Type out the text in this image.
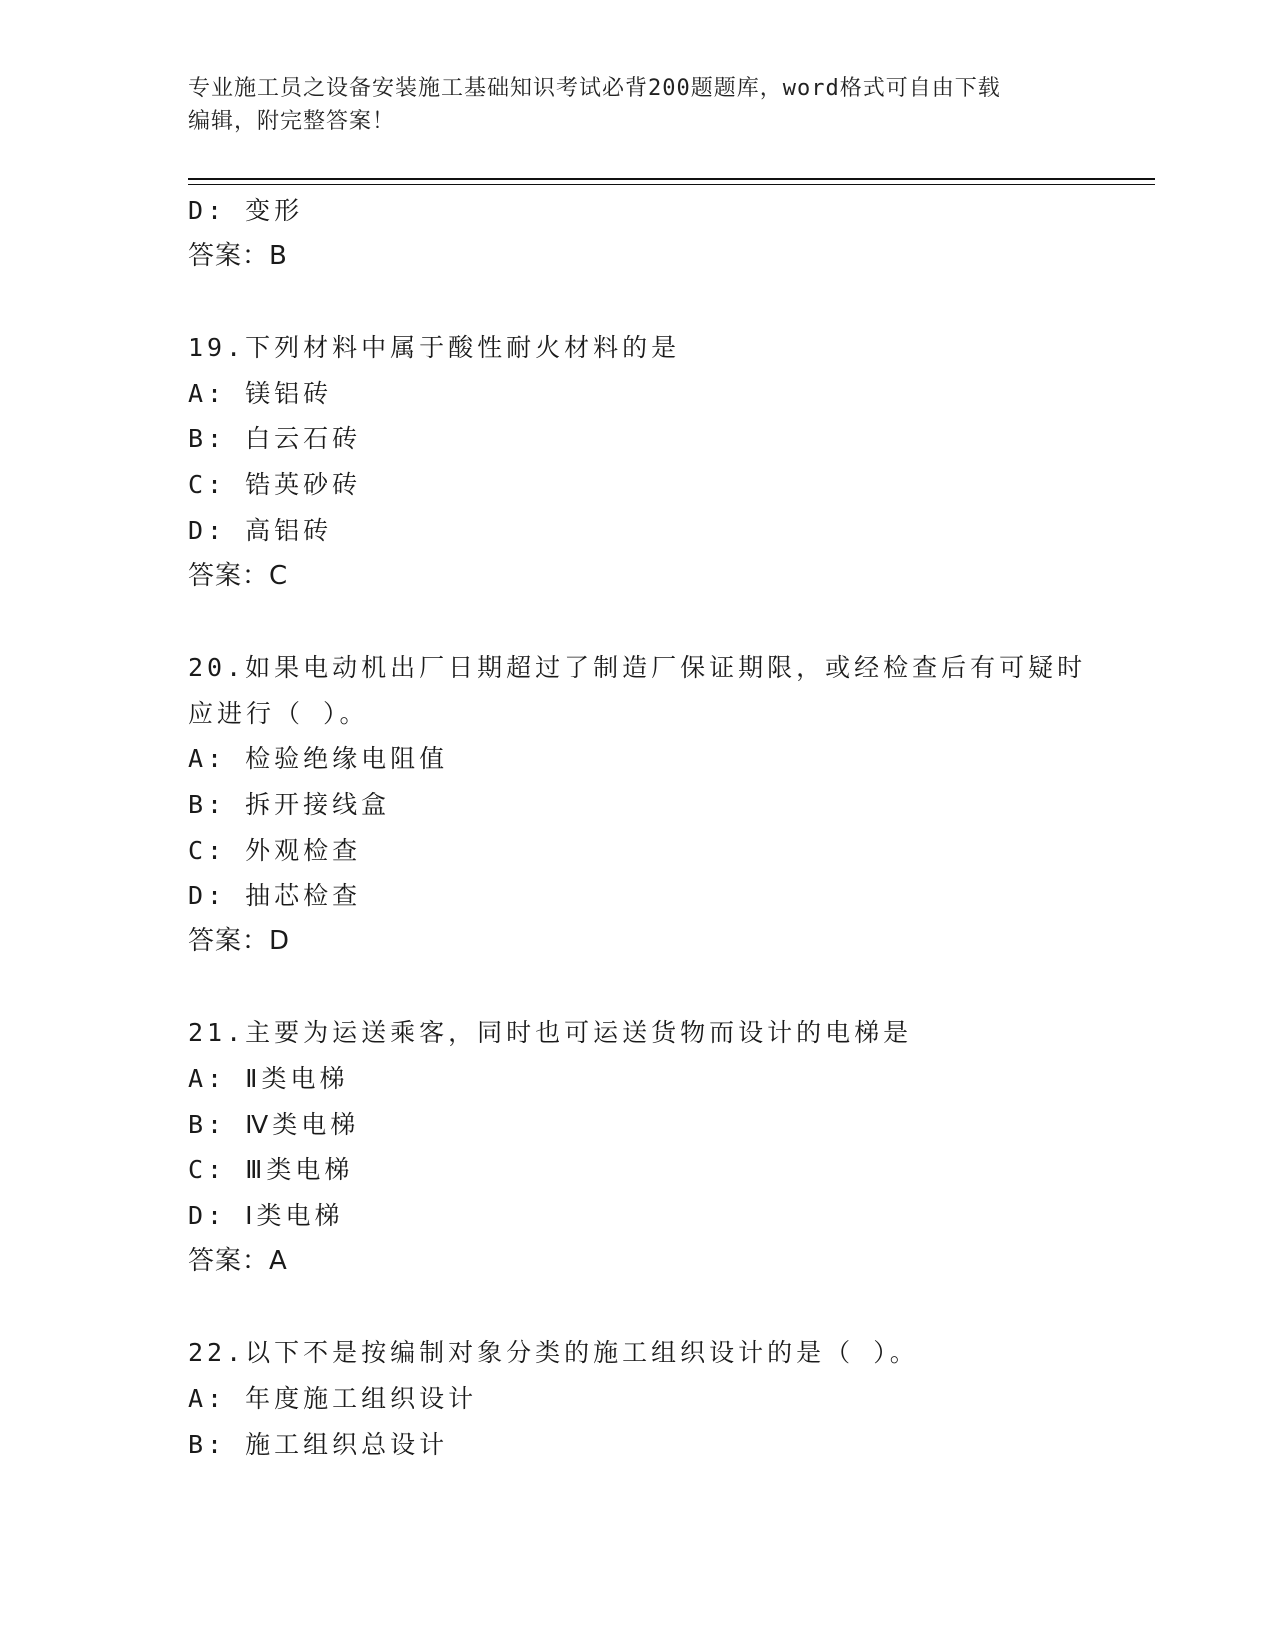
专业施工员之设备安装施工基础知识考试必背200题题库，word格式可自由下载
编辑，附完整答案！
D: 变形
答案：B
19.下列材料中属于酸性耐火材料的是
A: 镁铝砖
B: 白云石砖
C: 锆英砂砖
D: 高铝砖
答案：C
20.如果电动机出厂日期超过了制造厂保证期限，或经检查后有可疑时
应进行（ ）。
A: 检验绝缘电阻值
B: 拆开接线盒
C: 外观检查
D: 抽芯检查
答案：D
21.主要为运送乘客，同时也可运送货物而设计的电梯是
A: Ⅱ类电梯
B: Ⅳ类电梯
C: Ⅲ类电梯
D: Ⅰ类电梯
答案：A
22.以下不是按编制对象分类的施工组织设计的是（ ）。
A: 年度施工组织设计
B: 施工组织总设计
